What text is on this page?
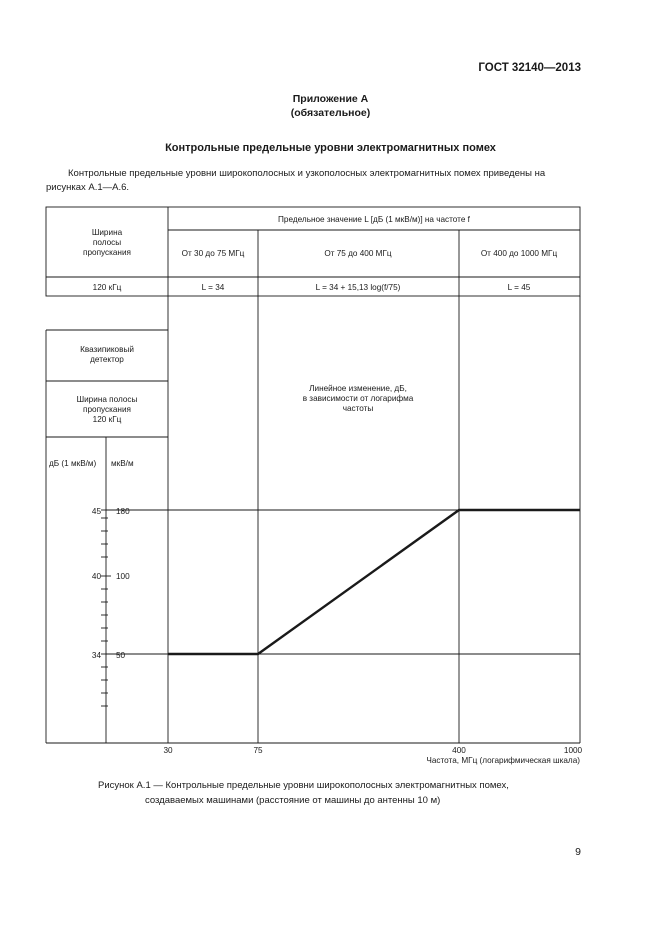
ГОСТ 32140—2013
Приложение А
(обязательное)
Контрольные предельные уровни электромагнитных помех
Контрольные предельные уровни широкополосных и узкополосных электромагнитных помех приведены на рисунках А.1—А.6.
Ширина
полосы
пропускания
Предельное значение L [дБ (1 мкВ/м)] на частоте f
От 30 до 75 МГц	От 75 до 400 МГц	От 400 до 1000 МГц
120 кГц	L = 34	L = 34 + 15,13 log(f/75)	L = 45
Квазипиковый
детектор
Ширина полосы
пропускания
120 кГц
Линейное изменение, дБ,
в зависимости от логарифма
частоты
дБ (1 мкВ/м) мкВ/м
45
40
34
180
100
50
30	75	400	1000
Частота, МГц (логарифмическая шкала)
Рисунок А.1 — Контрольные предельные уровни широкополосных электромагнитных помех,
создаваемых машинами (расстояние от машины до антенны 10 м)
9
